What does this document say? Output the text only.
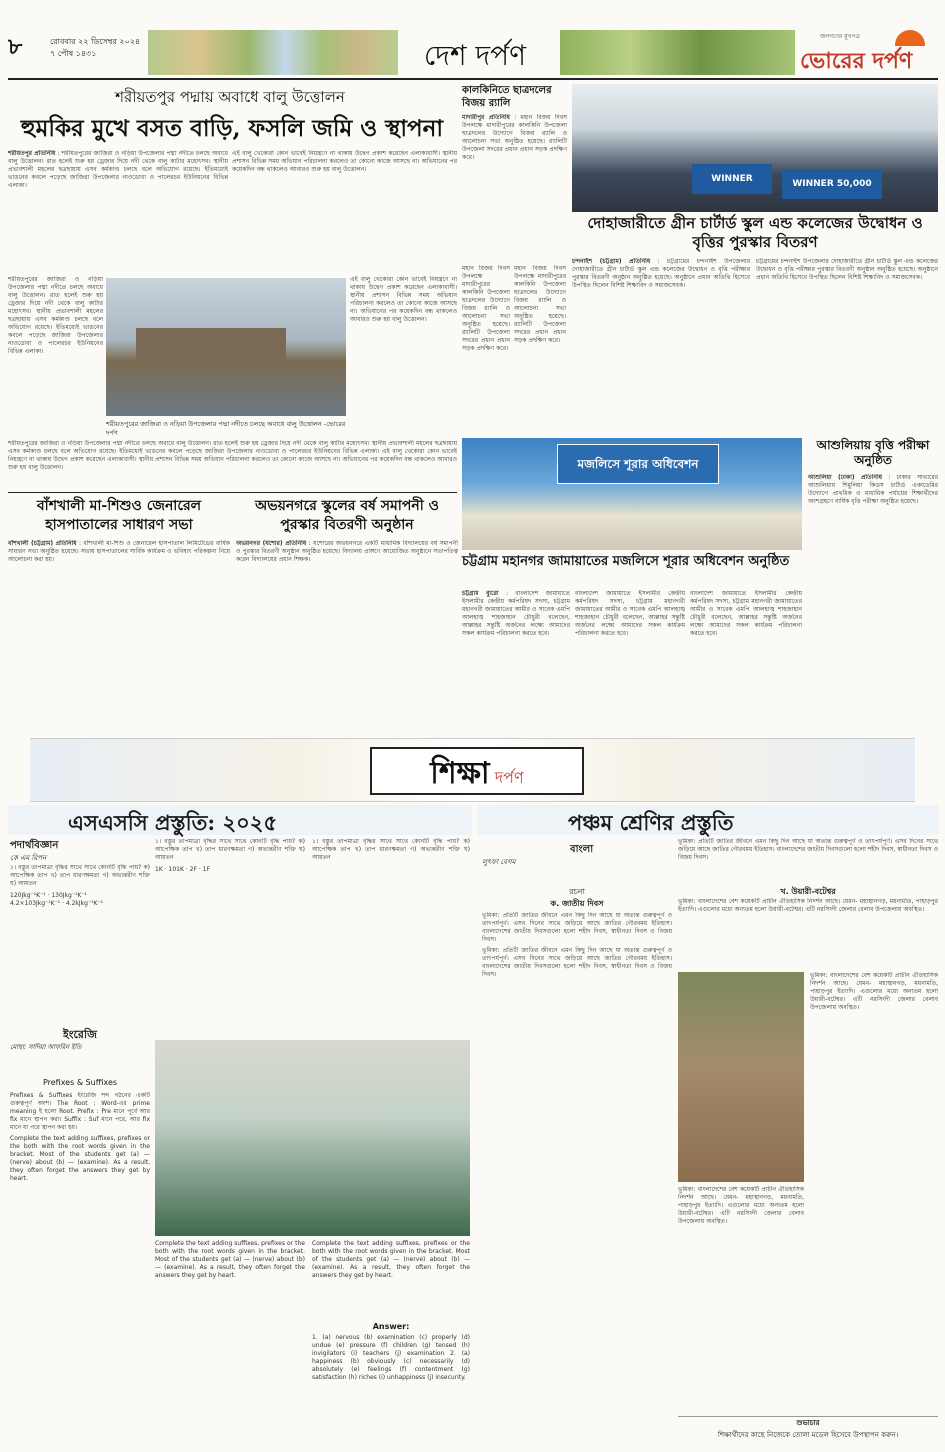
৮	রোববার ২২ ডিসেম্বর ২০২৪
৭ পৌষ ১৪৩১	দেশ দর্পণ
জনগণের মুখপত্র
ভোরের দর্পণ
শরীয়তপুর পদ্মায় অবাধে বালু উত্তোলন
হুমকির মুখে বসত বাড়ি, ফসলি জমি ও স্থাপনা
শরীয়তপুর প্রতিনিধি : শরীয়তপুরের জাজিরা ও নড়িয়া উপজেলার পদ্মা নদীতে চলছে অবাধে বালু উত্তোলন। রাত হলেই শুরু হয় ড্রেজার দিয়ে নদী থেকে বালু কাটার মহোৎসব। স্থানীয় প্রভাবশালী মহলের ছত্রছায়ায় এসব কর্মকাণ্ড চলছে বলে অভিযোগ রয়েছে। ইতিমধ্যেই ভাঙনের কবলে পড়েছে জাজিরা উপজেলার নাওডোবা ও পালেরচর ইউনিয়নের বিভিন্ন এলাকা।
এই বালু খেকোরা কোন ভাবেই নিয়ন্ত্রণে না থাকায় উদ্বেগ প্রকাশ করেছেন এলাকাবাসী। স্থানীয় প্রশাসন বিভিন্ন সময় অভিযান পরিচালনা করলেও তা কোনো কাজে আসছে না। অভিযানের পর কয়েকদিন বন্ধ থাকলেও আবারও শুরু হয় বালু উত্তোলন।
শরীয়তপুরের জাজিরা ও নড়িয়া উপজেলার পদ্মা নদীতে চলছে অবাধে বালু উত্তোলন। রাত হলেই শুরু হয় ড্রেজার দিয়ে নদী থেকে বালু কাটার মহোৎসব। স্থানীয় প্রভাবশালী মহলের ছত্রছায়ায় এসব কর্মকাণ্ড চলছে বলে অভিযোগ রয়েছে। ইতিমধ্যেই ভাঙনের কবলে পড়েছে জাজিরা উপজেলার নাওডোবা ও পালেরচর ইউনিয়নের বিভিন্ন এলাকা।
শরীয়তপুরের জাজিরা ও নড়িয়া উপজেলার পদ্মা নদীতে চলছে অবাধে বালু উত্তোলন -ভোরের দর্পণ
এই বালু খেকোরা কোন ভাবেই নিয়ন্ত্রণে না থাকায় উদ্বেগ প্রকাশ করেছেন এলাকাবাসী। স্থানীয় প্রশাসন বিভিন্ন সময় অভিযান পরিচালনা করলেও তা কোনো কাজে আসছে না। অভিযানের পর কয়েকদিন বন্ধ থাকলেও আবারও শুরু হয় বালু উত্তোলন।
শরীয়তপুরের জাজিরা ও নড়িয়া উপজেলার পদ্মা নদীতে চলছে অবাধে বালু উত্তোলন। রাত হলেই শুরু হয় ড্রেজার দিয়ে নদী থেকে বালু কাটার মহোৎসব। স্থানীয় প্রভাবশালী মহলের ছত্রছায়ায় এসব কর্মকাণ্ড চলছে বলে অভিযোগ রয়েছে। ইতিমধ্যেই ভাঙনের কবলে পড়েছে জাজিরা উপজেলার নাওডোবা ও পালেরচর ইউনিয়নের বিভিন্ন এলাকা। এই বালু খেকোরা কোন ভাবেই নিয়ন্ত্রণে না থাকায় উদ্বেগ প্রকাশ করেছেন এলাকাবাসী। স্থানীয় প্রশাসন বিভিন্ন সময় অভিযান পরিচালনা করলেও তা কোনো কাজে আসছে না। অভিযানের পর কয়েকদিন বন্ধ থাকলেও আবারও শুরু হয় বালু উত্তোলন।
কালকিনিতে ছাত্রদলের বিজয় র‍্যালি
মাদারীপুর প্রতিনিধি : মহান বিজয় দিবস উপলক্ষে মাদারীপুরের কালকিনি উপজেলা ছাত্রদলের উদ্যোগে বিজয় র‍্যালি ও আলোচনা সভা অনুষ্ঠিত হয়েছে। র‍্যালিটি উপজেলা সদরের প্রধান প্রধান সড়ক প্রদক্ষিণ করে।
মহান বিজয় দিবস উপলক্ষে মাদারীপুরের কালকিনি উপজেলা ছাত্রদলের উদ্যোগে বিজয় র‍্যালি ও আলোচনা সভা অনুষ্ঠিত হয়েছে। র‍্যালিটি উপজেলা সদরের প্রধান প্রধান সড়ক প্রদক্ষিণ করে।
মহান বিজয় দিবস উপলক্ষে মাদারীপুরের কালকিনি উপজেলা ছাত্রদলের উদ্যোগে বিজয় র‍্যালি ও আলোচনা সভা অনুষ্ঠিত হয়েছে। র‍্যালিটি উপজেলা সদরের প্রধান প্রধান সড়ক প্রদক্ষিণ করে।
WINNER	WINNER 50,000
দোহাজারীতে গ্রীন চার্টার্ড স্কুল এন্ড কলেজের উদ্বোধন ও বৃত্তির পুরস্কার বিতরণ
চন্দনাইশ (চট্টগ্রাম) প্রতিনিধি : চট্টগ্রামের চন্দনাইশ উপজেলার দোহাজারীতে গ্রীন চার্টার্ড স্কুল এন্ড কলেজের উদ্বোধন ও বৃত্তি পরীক্ষার পুরস্কার বিতরণী অনুষ্ঠান অনুষ্ঠিত হয়েছে। অনুষ্ঠানে প্রধান অতিথি হিসেবে উপস্থিত ছিলেন বিশিষ্ট শিক্ষাবিদ ও সমাজসেবক।
চট্টগ্রামের চন্দনাইশ উপজেলার দোহাজারীতে গ্রীন চার্টার্ড স্কুল এন্ড কলেজের উদ্বোধন ও বৃত্তি পরীক্ষার পুরস্কার বিতরণী অনুষ্ঠান অনুষ্ঠিত হয়েছে। অনুষ্ঠানে প্রধান অতিথি হিসেবে উপস্থিত ছিলেন বিশিষ্ট শিক্ষাবিদ ও সমাজসেবক।
মজলিসে শূরার অধিবেশন
চট্টগ্রাম মহানগর জামায়াতের মজলিসে শূরার অধিবেশন অনুষ্ঠিত
চট্টগ্রাম ব্যুরো : বাংলাদেশ জামায়াতে ইসলামীর কেন্দ্রীয় কর্মপরিষদ সদস্য, চট্টগ্রাম মহানগরী জামায়াতের আমীর ও সাবেক এমপি আলহাজ্ব শাহজাহান চৌধুরী বলেছেন, আল্লাহর সন্তুষ্টি অর্জনের লক্ষ্যে আমাদের সকল কার্যক্রম পরিচালনা করতে হবে।
বাংলাদেশ জামায়াতে ইসলামীর কেন্দ্রীয় কর্মপরিষদ সদস্য, চট্টগ্রাম মহানগরী জামায়াতের আমীর ও সাবেক এমপি আলহাজ্ব শাহজাহান চৌধুরী বলেছেন, আল্লাহর সন্তুষ্টি অর্জনের লক্ষ্যে আমাদের সকল কার্যক্রম পরিচালনা করতে হবে।
বাংলাদেশ জামায়াতে ইসলামীর কেন্দ্রীয় কর্মপরিষদ সদস্য, চট্টগ্রাম মহানগরী জামায়াতের আমীর ও সাবেক এমপি আলহাজ্ব শাহজাহান চৌধুরী বলেছেন, আল্লাহর সন্তুষ্টি অর্জনের লক্ষ্যে আমাদের সকল কার্যক্রম পরিচালনা করতে হবে।
আশুলিয়ায় বৃত্তি পরীক্ষা অনুষ্ঠিত
আশুলিয়া (ঢাকা) প্রতিনিধি : ঢাকার সাভারের আশুলিয়ায় শিমুলিয়া কিডস চার্টার্ড একাডেমির উদ্যোগে প্রাথমিক ও মাধ্যমিক পর্যায়ের শিক্ষার্থীদের অংশগ্রহণে বার্ষিক বৃত্তি পরীক্ষা অনুষ্ঠিত হয়েছে।
বাঁশখালী মা-শিশুও জেনারেল হাসপাতালের সাধারণ সভা
বাঁশখালী (চট্টগ্রাম) প্রতিনিধি : বাঁশখালী মা-শিশু ও জেনারেল হাসপাতাল লিমিটেডের বার্ষিক সাধারণ সভা অনুষ্ঠিত হয়েছে। সভায় হাসপাতালের সার্বিক কার্যক্রম ও ভবিষ্যৎ পরিকল্পনা নিয়ে আলোচনা করা হয়।
অভয়নগরে স্কুলের বর্ষ সমাপনী ও পুরস্কার বিতরণী অনুষ্ঠান
অভয়নগর (যশোর) প্রতিনিধি : যশোরের অভয়নগরে একটি মাধ্যমিক বিদ্যালয়ের বর্ষ সমাপনী ও পুরস্কার বিতরণী অনুষ্ঠান অনুষ্ঠিত হয়েছে। বিদ্যালয় প্রাঙ্গণে আয়োজিত অনুষ্ঠানে সভাপতিত্ব করেন বিদ্যালয়ের প্রধান শিক্ষক।
শিক্ষা দর্পণ
এসএসসি প্রস্তুতি: ২০২৫
পদার্থবিজ্ঞান
কে এম রিপন
১। বস্তুর তাপমাত্রা বৃদ্ধির সাথে সাথে কোনটি বৃদ্ধি পায়? ক) আপেক্ষিক তাপ খ) তাপ ধারণক্ষমতা গ) অভ্যন্তরীণ শক্তি ঘ) আয়তন
120Jkg⁻¹K⁻¹ · 130Jkg⁻¹K⁻¹
4.2×103Jkg⁻¹K⁻¹ · 4.2kJkg⁻¹K⁻¹
১। বস্তুর তাপমাত্রা বৃদ্ধির সাথে সাথে কোনটি বৃদ্ধি পায়? ক) আপেক্ষিক তাপ খ) তাপ ধারণক্ষমতা গ) অভ্যন্তরীণ শক্তি ঘ) আয়তন
1K · 101K · 2F · 1F
১। বস্তুর তাপমাত্রা বৃদ্ধির সাথে সাথে কোনটি বৃদ্ধি পায়? ক) আপেক্ষিক তাপ খ) তাপ ধারণক্ষমতা গ) অভ্যন্তরীণ শক্তি ঘ) আয়তন
ইংরেজি
মোছা: সাদিয়া আফরিন ইতি
Prefixes & Suffixes
Prefixes & Suffixes ইংরেজি শব্দ গঠনের একটি গুরুত্বপূর্ণ অংশ। The Root : Word-এর prime meaning ই হলো Root. Prefix : Pre মানে পূর্বে আর fix মানে স্থাপন করা। Suffix : Suf মানে পরে, আর fix মানে যা পরে স্থাপন করা হয়।

Complete the text adding suffixes, prefixes or the both with the root words given in the bracket. Most of the students get (a) — (nerve) about (b) — (examine). As a result, they often forget the answers they get by heart.
Complete the text adding suffixes, prefixes or the both with the root words given in the bracket. Most of the students get (a) — (nerve) about (b) — (examine). As a result, they often forget the answers they get by heart.
Complete the text adding suffixes, prefixes or the both with the root words given in the bracket. Most of the students get (a) — (nerve) about (b) — (examine). As a result, they often forget the answers they get by heart.
Answer:
1. (a) nervous (b) examination (c) properly (d) undue (e) pressure (f) children (g) tensed (h) invigilators (i) teachers (j) examination 2. (a) happiness (b) obviously (c) necessarily (d) absolutely (e) feelings (f) contentment (g) satisfaction (h) riches (i) unhappiness (j) insecurity.
পঞ্চম শ্রেণির প্রস্তুতি
বাংলা
লুৎফা বেগম
রচনা
ক. জাতীয় দিবস
ভূমিকা: প্রতিটি জাতির জীবনে এমন কিছু দিন আছে যা অত্যন্ত গুরুত্বপূর্ণ ও তাৎপর্যপূর্ণ। এসব দিনের সাথে জড়িয়ে আছে জাতির গৌরবময় ইতিহাস। বাংলাদেশের জাতীয় দিবসগুলো হলো শহীদ দিবস, স্বাধীনতা দিবস ও বিজয় দিবস।

ভূমিকা: প্রতিটি জাতির জীবনে এমন কিছু দিন আছে যা অত্যন্ত গুরুত্বপূর্ণ ও তাৎপর্যপূর্ণ। এসব দিনের সাথে জড়িয়ে আছে জাতির গৌরবময় ইতিহাস। বাংলাদেশের জাতীয় দিবসগুলো হলো শহীদ দিবস, স্বাধীনতা দিবস ও বিজয় দিবস।
ভূমিকা: প্রতিটি জাতির জীবনে এমন কিছু দিন আছে যা অত্যন্ত গুরুত্বপূর্ণ ও তাৎপর্যপূর্ণ। এসব দিনের সাথে জড়িয়ে আছে জাতির গৌরবময় ইতিহাস। বাংলাদেশের জাতীয় দিবসগুলো হলো শহীদ দিবস, স্বাধীনতা দিবস ও বিজয় দিবস।
খ. উয়ারী-বটেশ্বর
ভূমিকা: বাংলাদেশের বেশ কয়েকটি প্রাচীন ঐতিহাসিক নিদর্শন আছে। যেমন- মহাস্থানগড়, ময়নামতি, পাহাড়পুর ইত্যাদি। এগুলোর মধ্যে অন্যতম হলো উয়ারী-বটেশ্বর। এটি নরসিংদী জেলার বেলাব উপজেলায় অবস্থিত।
ভূমিকা: বাংলাদেশের বেশ কয়েকটি প্রাচীন ঐতিহাসিক নিদর্শন আছে। যেমন- মহাস্থানগড়, ময়নামতি, পাহাড়পুর ইত্যাদি। এগুলোর মধ্যে অন্যতম হলো উয়ারী-বটেশ্বর। এটি নরসিংদী জেলার বেলাব উপজেলায় অবস্থিত।
ভূমিকা: বাংলাদেশের বেশ কয়েকটি প্রাচীন ঐতিহাসিক নিদর্শন আছে। যেমন- মহাস্থানগড়, ময়নামতি, পাহাড়পুর ইত্যাদি। এগুলোর মধ্যে অন্যতম হলো উয়ারী-বটেশ্বর। এটি নরসিংদী জেলার বেলাব উপজেলায় অবস্থিত।
শুভাচার
শিক্ষার্থীদের কাছে নিজেকে তোলা মডেল হিসেবে উপস্থাপন করুন।
